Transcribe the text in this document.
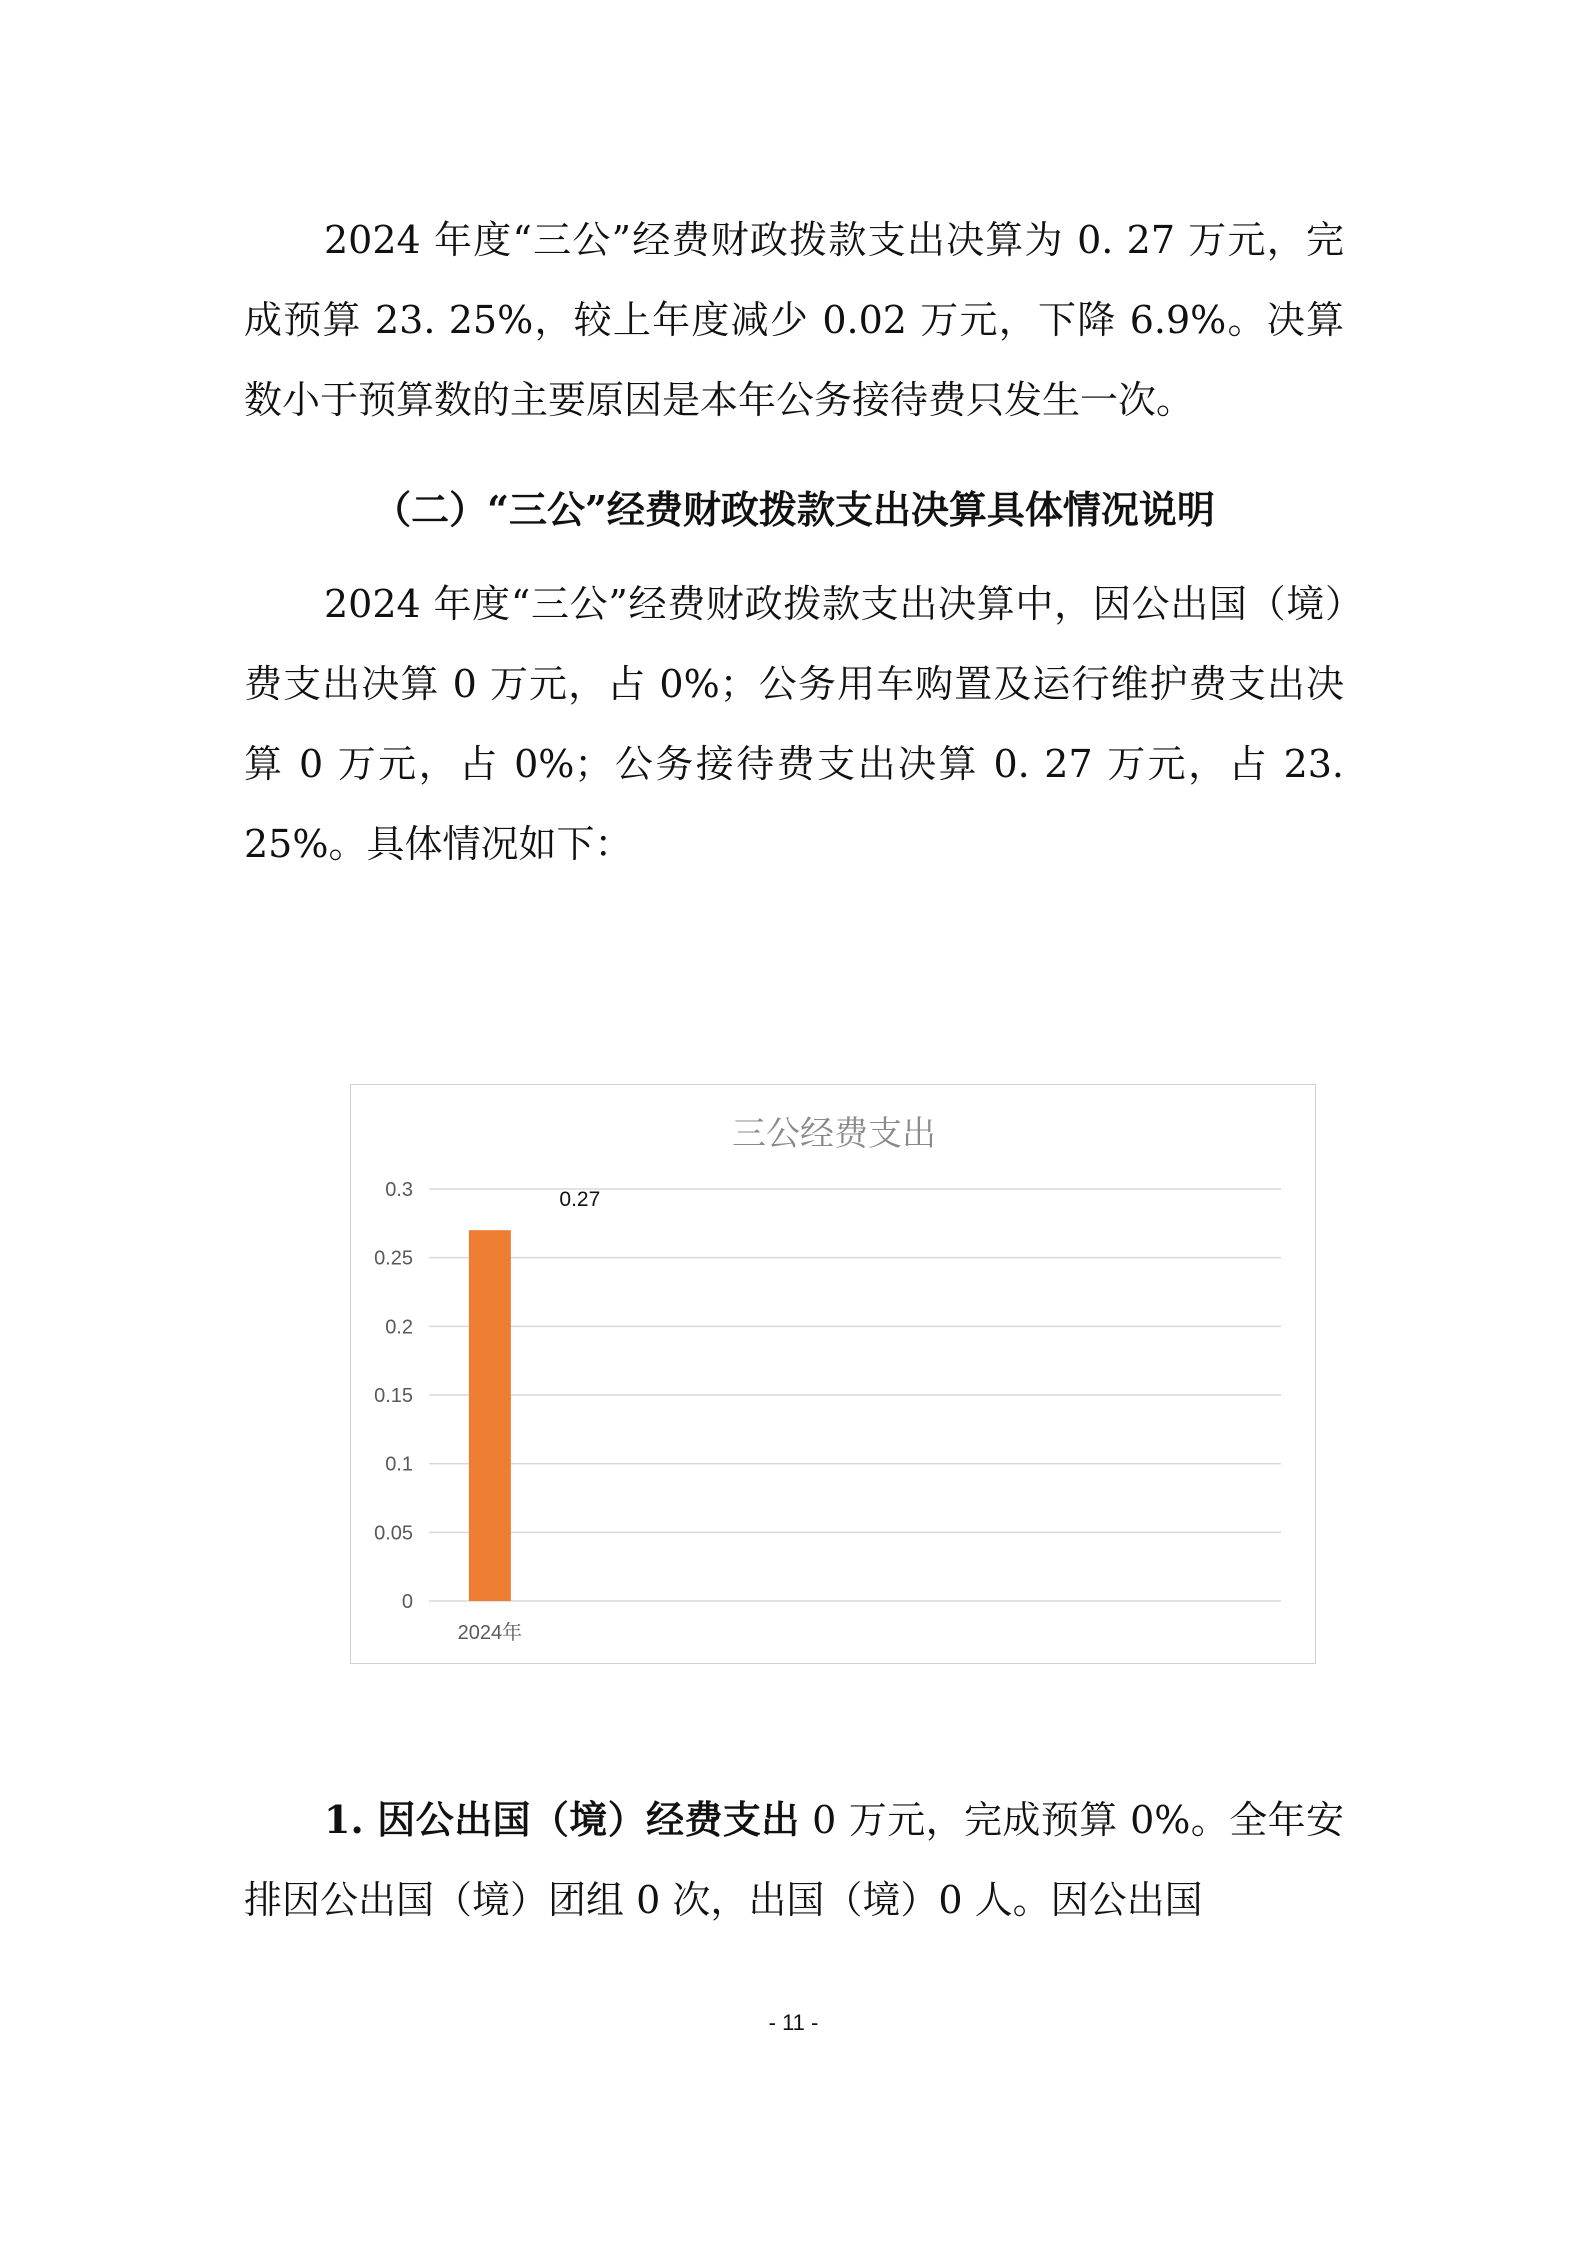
2024 年度“三公”经费财政拨款支出决算为 0. 27 万元，完成预算 23. 25%，较上年度减少 0.02 万元，下降 6.9%。决算数小于预算数的主要原因是本年公务接待费只发生一次。

（二）“三公”经费财政拨款支出决算具体情况说明

2024 年度“三公”经费财政拨款支出决算中，因公出国（境）费支出决算 0 万元，占 0%；公务用车购置及运行维护费支出决算 0 万元，占 0%；公务接待费支出决算 0. 27 万元，占 23. 25%。具体情况如下：

三公经费支出
0
0.05
0.1
0.15
0.2
0.25
0.3	0.27
2024年

1. 因公出国（境）经费支出 0 万元，完成预算 0%。全年安排因公出国（境）团组 0 次，出国（境）0 人。因公出国

- 11 -
